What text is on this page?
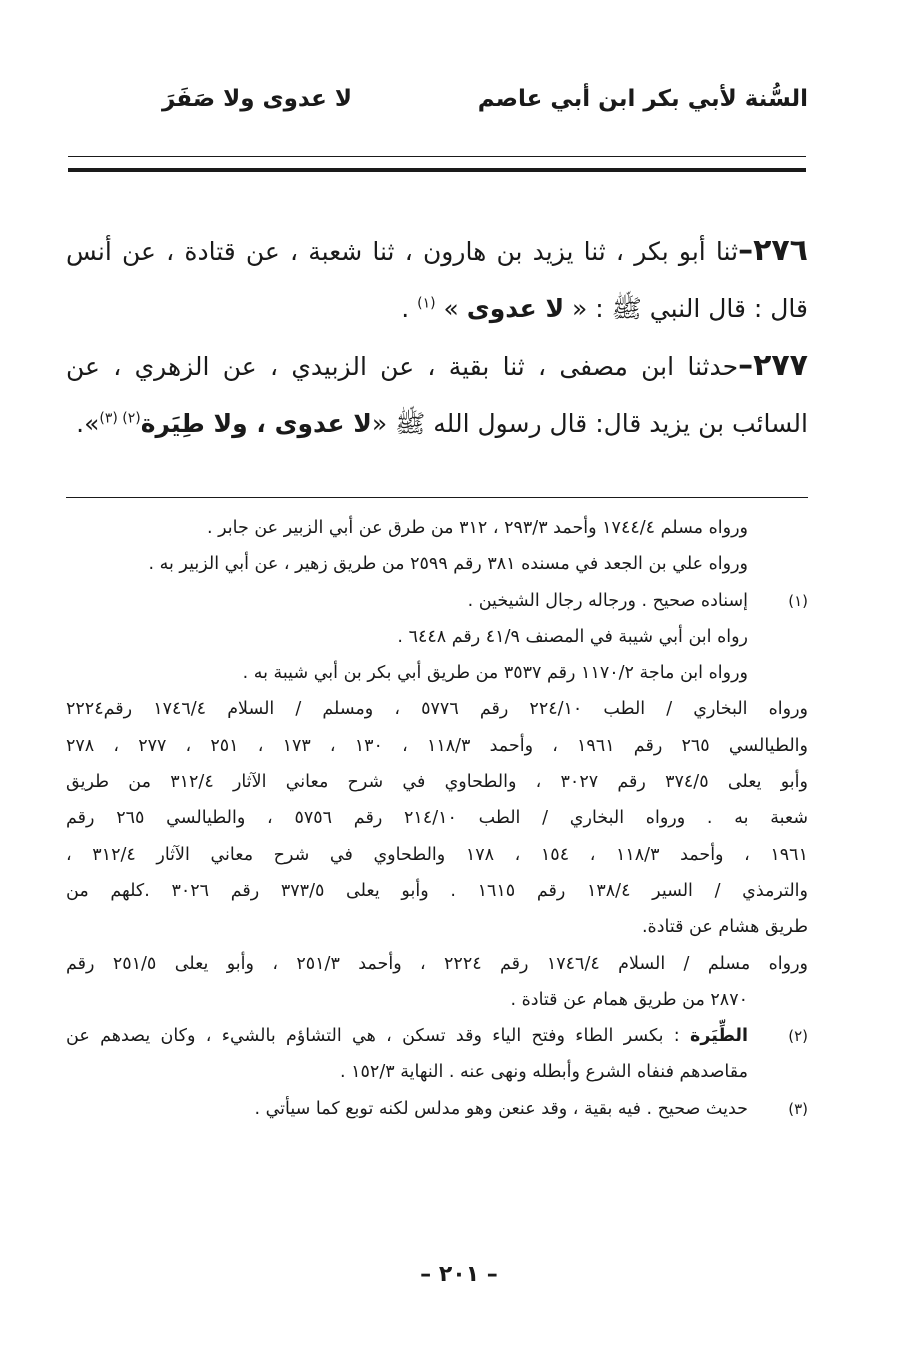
السُّنة لأبي بكر ابن أبي عاصم
لا عدوى ولا صَفَرَ

٢٧٦–ثنا أبو بكر ، ثنا يزيد بن هارون ، ثنا شعبة ، عن قتادة ، عن أنس قال : قال النبي ﷺ : « لا عدوى » $^{(١)}$ .

٢٧٧–حدثنا ابن مصفى ، ثنا بقية ، عن الزبيدي ، عن الزهري ، عن السائب بن يزيد قال: قال رسول الله ﷺ «لا عدوى ، ولا طِيَرة$^{(٢)}$ $^{(٣)}$».

ورواه مسلم ١٧٤٤/٤ وأحمد ٢٩٣/٣ ، ٣١٢ من طرق عن أبي الزبير عن جابر .
ورواه علي بن الجعد في مسنده ٣٨١ رقم ٢٥٩٩ من طريق زهير ، عن أبي الزبير به .
(١)
إسناده صحيح . ورجاله رجال الشيخين .
رواه ابن أبي شيبة في المصنف ٤١/٩ رقم ٦٤٤٨ .
ورواه ابن ماجة ١١٧٠/٢ رقم ٣٥٣٧ من طريق أبي بكر بن أبي شيبة به .
ورواه البخاري / الطب ٢٢٤/١٠ رقم ٥٧٧٦ ، ومسلم / السلام ١٧٤٦/٤ رقم٢٢٢٤
والطيالسي ٢٦٥ رقم ١٩٦١ ، وأحمد ١١٨/٣ ، ١٣٠ ، ١٧٣ ، ٢٥١ ، ٢٧٧ ، ٢٧٨
وأبو يعلى ٣٧٤/٥ رقم ٣٠٢٧ ، والطحاوي في شرح معاني الآثار ٣١٢/٤ من طريق
شعبة به . ورواه البخاري / الطب ٢١٤/١٠ رقم ٥٧٥٦ ، والطيالسي ٢٦٥ رقم
١٩٦١ ، وأحمد ١١٨/٣ ، ١٥٤ ، ١٧٨ والطحاوي في شرح معاني الآثار ٣١٢/٤ ،
والترمذي / السير ١٣٨/٤ رقم ١٦١٥ . وأبو يعلى ٣٧٣/٥ رقم ٣٠٢٦ .كلهم من
طريق هشام عن قتادة.
ورواه مسلم / السلام ١٧٤٦/٤ رقم ٢٢٢٤ ، وأحمد ٢٥١/٣ ، وأبو يعلى ٢٥١/٥ رقم
٢٨٧٠ من طريق همام عن قتادة .
(٢)
الطِّيَرة : بكسر الطاء وفتح الياء وقد تسكن ، هي التشاؤم بالشيء ، وكان يصدهم عن
مقاصدهم فنفاه الشرع وأبطله ونهى عنه . النهاية ١٥٢/٣ .
(٣)
حديث صحيح . فيه بقية ، وقد عنعن وهو مدلس لكنه توبع كما سيأتي .
– ٢٠١ –
